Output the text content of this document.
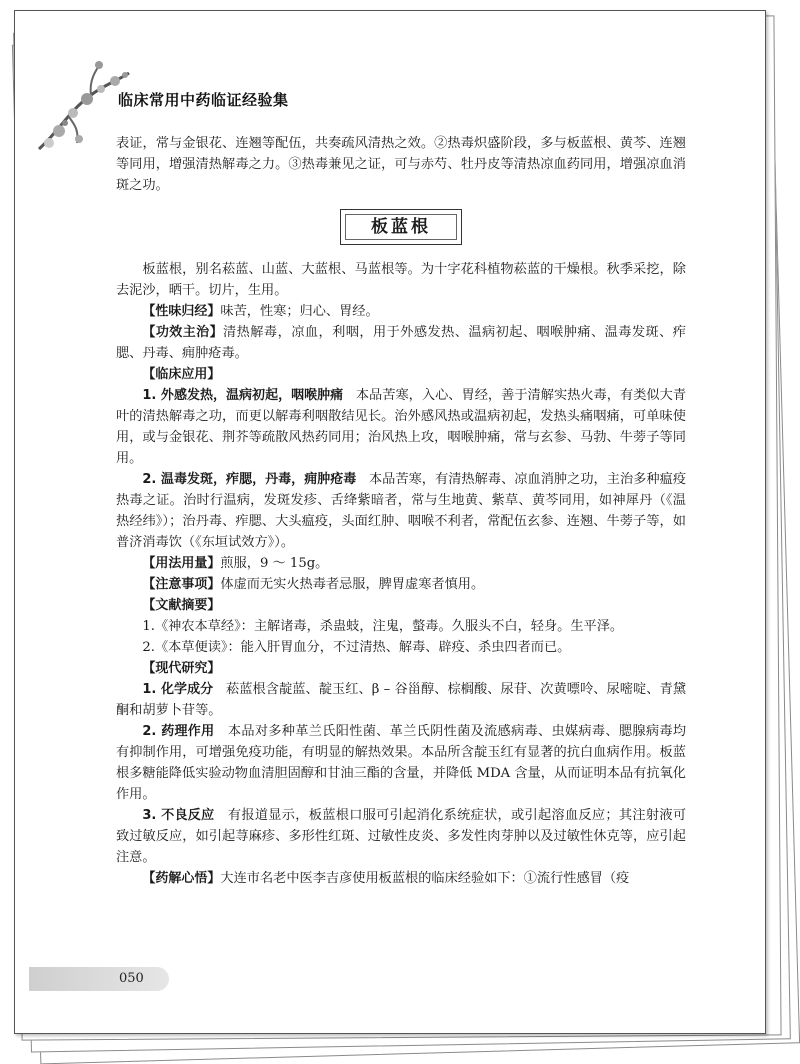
临床常用中药临证经验集

表证，常与金银花、连翘等配伍，共奏疏风清热之效。②热毒炽盛阶段，多与板蓝根、黄芩、连翘等同用，增强清热解毒之力。③热毒兼见之证，可与赤芍、牡丹皮等清热凉血药同用，增强凉血消斑之功。

板蓝根

板蓝根，别名菘蓝、山蓝、大蓝根、马蓝根等。为十字花科植物菘蓝的干燥根。秋季采挖，除去泥沙，晒干。切片，生用。

【性味归经】味苦，性寒；归心、胃经。

【功效主治】清热解毒，凉血，利咽，用于外感发热、温病初起、咽喉肿痛、温毒发斑、痄腮、丹毒、痈肿疮毒。

【临床应用】

1. 外感发热，温病初起，咽喉肿痛 本品苦寒，入心、胃经，善于清解实热火毒，有类似大青叶的清热解毒之功，而更以解毒利咽散结见长。治外感风热或温病初起，发热头痛咽痛，可单味使用，或与金银花、荆芥等疏散风热药同用；治风热上攻，咽喉肿痛，常与玄参、马勃、牛蒡子等同用。

2. 温毒发斑，痄腮，丹毒，痈肿疮毒 本品苦寒，有清热解毒、凉血消肿之功，主治多种瘟疫热毒之证。治时行温病，发斑发疹、舌绛紫暗者，常与生地黄、紫草、黄芩同用，如神犀丹（《温热经纬》）；治丹毒、痄腮、大头瘟疫，头面红肿、咽喉不利者，常配伍玄参、连翘、牛蒡子等，如普济消毒饮（《东垣试效方》）。

【用法用量】煎服，9 ～ 15g。

【注意事项】体虚而无实火热毒者忌服，脾胃虚寒者慎用。

【文献摘要】

1.《神农本草经》：主解诸毒，杀蛊蚑，注鬼，螫毒。久服头不白，轻身。生平泽。

2.《本草便读》：能入肝胃血分，不过清热、解毒、辟疫、杀虫四者而已。

【现代研究】

1. 化学成分 菘蓝根含靛蓝、靛玉红、β – 谷甾醇、棕榈酸、尿苷、次黄嘌呤、尿嘧啶、青黛酮和胡萝卜苷等。

2. 药理作用 本品对多种革兰氏阳性菌、革兰氏阴性菌及流感病毒、虫媒病毒、腮腺病毒均有抑制作用，可增强免疫功能，有明显的解热效果。本品所含靛玉红有显著的抗白血病作用。板蓝根多糖能降低实验动物血清胆固醇和甘油三酯的含量，并降低 MDA 含量，从而证明本品有抗氧化作用。

3. 不良反应 有报道显示，板蓝根口服可引起消化系统症状，或引起溶血反应；其注射液可致过敏反应，如引起荨麻疹、多形性红斑、过敏性皮炎、多发性肉芽肿以及过敏性休克等，应引起注意。

【药解心悟】大连市名老中医李吉彦使用板蓝根的临床经验如下：①流行性感冒（疫

050
